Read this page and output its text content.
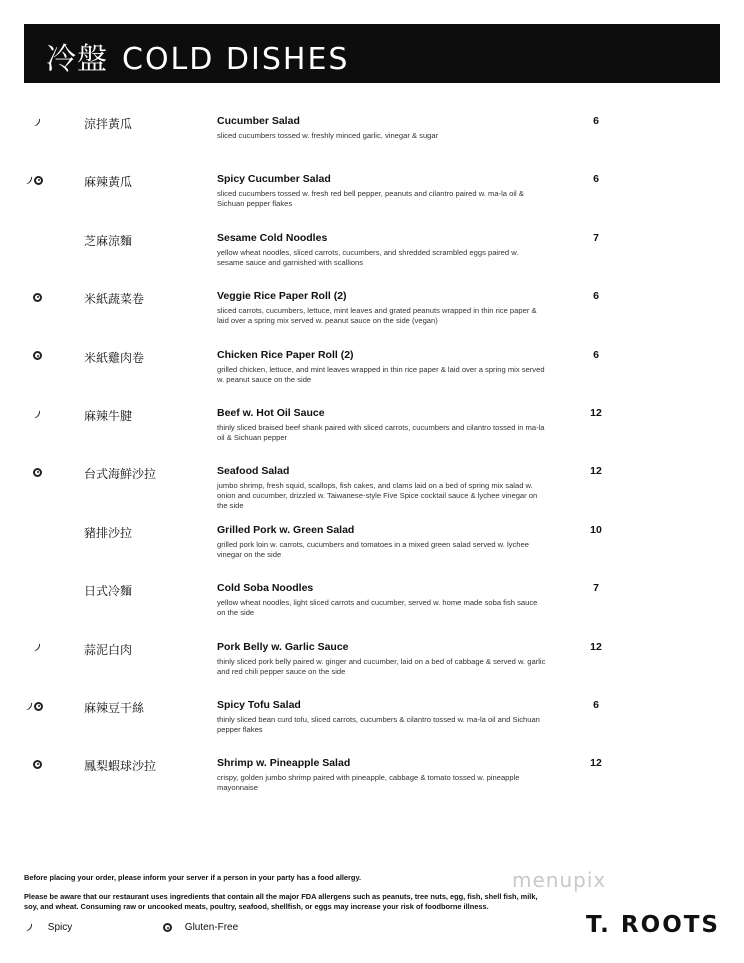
冷盤 COLD DISHES
涼拌黃瓜	Cucumber Salad
sliced cucumbers tossed w. freshly minced garlic, vinegar & sugar
6
麻辣黃瓜	Spicy Cucumber Salad
sliced cucumbers tossed w. fresh red bell pepper, peanuts and cilantro paired w. ma-la oil & Sichuan pepper flakes
6
芝麻涼麵	Sesame Cold Noodles
yellow wheat noodles, sliced carrots, cucumbers, and shredded scrambled eggs paired w. sesame sauce and garnished with scallions
7
米紙蔬菜卷	Veggie Rice Paper Roll (2)
sliced carrots, cucumbers, lettuce, mint leaves and grated peanuts wrapped in thin rice paper & laid over a spring mix served w. peanut sauce on the side (vegan)
6
米紙雞肉卷	Chicken Rice Paper Roll (2)
grilled chicken, lettuce, and mint leaves wrapped in thin rice paper & laid over a spring mix served w. peanut sauce on the side
6
麻辣牛腱	Beef w. Hot Oil Sauce
thinly sliced braised beef shank paired with sliced carrots, cucumbers and cilantro tossed in ma-la oil & Sichuan pepper
12
台式海鮮沙拉	Seafood Salad
jumbo shrimp, fresh squid, scallops, fish cakes, and clams laid on a bed of spring mix salad w. onion and cucumber, drizzled w. Taiwanese-style Five Spice cocktail sauce & lychee vinegar on the side
12
豬排沙拉	Grilled Pork w. Green Salad
grilled pork loin w. carrots, cucumbers and tomatoes in a mixed green salad served w. lychee vinegar on the side
10
日式冷麵	Cold Soba Noodles
yellow wheat noodles, light sliced carrots and cucumber, served w. home made soba fish sauce on the side
7
蒜泥白肉	Pork Belly w. Garlic Sauce
thinly sliced pork belly paired w. ginger and cucumber, laid on a bed of cabbage & served w. garlic and red chili pepper sauce on the side
12
麻辣豆干絲	Spicy Tofu Salad
thinly sliced bean curd tofu, sliced carrots, cucumbers & cilantro tossed w. ma-la oil and Sichuan pepper flakes
6
鳳梨蝦球沙拉	Shrimp w. Pineapple Salad
crispy, golden jumbo shrimp paired with pineapple, cabbage & tomato tossed w. pineapple mayonnaise
12
Before placing your order, please inform your server if a person in your party has a food allergy.
Please be aware that our restaurant uses ingredients that contain all the major FDA allergens such as peanuts, tree nuts, egg, fish, shell fish, milk, soy, and wheat. Consuming raw or uncooked meats, poultry, seafood, shellfish, or eggs may increase your risk of foodborne illness.
Spicy	Gluten-Free
menupix
T. ROOTS
